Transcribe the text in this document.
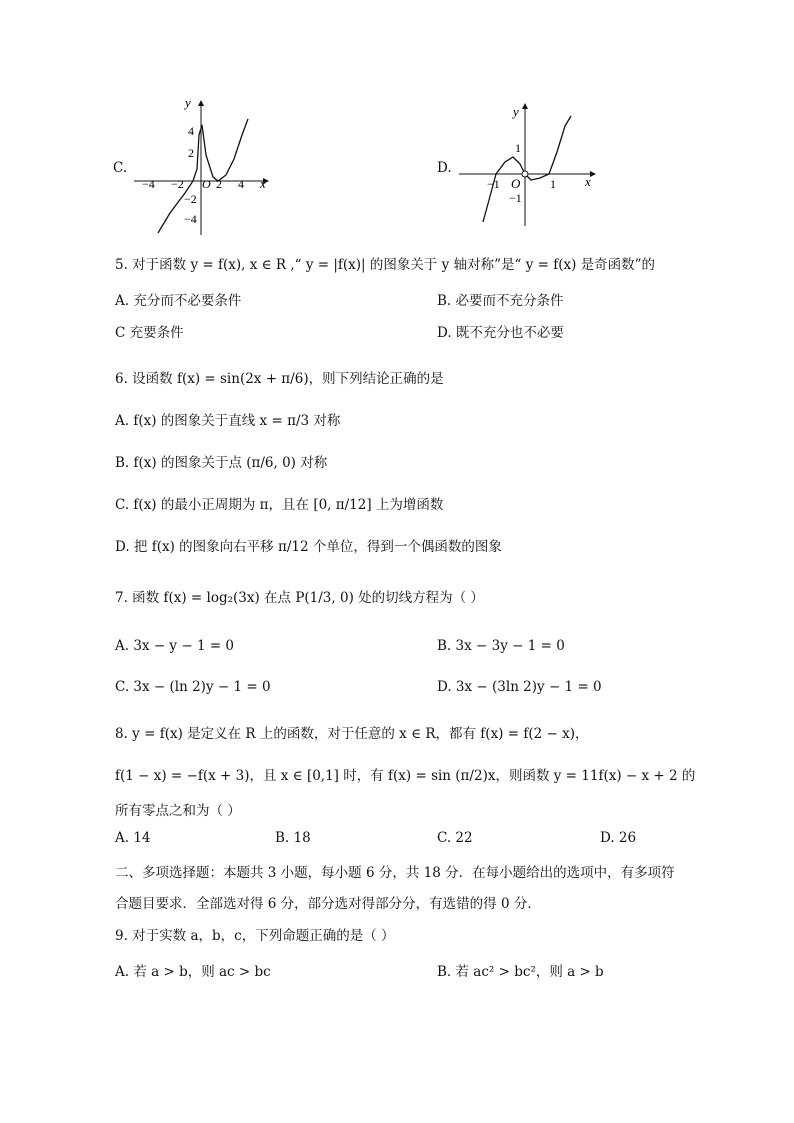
C.	D.
y
x
O
−4 −2	2 4
4
2
−2
−4
y
x
O
−1	1
1
−1
5. 对于函数 y = f(x), x ∈ R ,“ y = |f(x)| 的图象关于 y 轴对称”是“ y = f(x) 是奇函数”的
A. 充分而不必要条件	B. 必要而不充分条件
C 充要条件	D. 既不充分也不必要
6. 设函数 f(x) = sin(2x + π/6)，则下列结论正确的是
A. f(x) 的图象关于直线 x = π/3 对称
B. f(x) 的图象关于点 (π/6, 0) 对称
C. f(x) 的最小正周期为 π，且在 [0, π/12] 上为增函数
D. 把 f(x) 的图象向右平移 π/12 个单位，得到一个偶函数的图象
7. 函数 f(x) = log₂(3x) 在点 P(1/3, 0) 处的切线方程为（ ）
A. 3x − y − 1 = 0	B. 3x − 3y − 1 = 0
C. 3x − (ln 2)y − 1 = 0	D. 3x − (3ln 2)y − 1 = 0
8. y = f(x) 是定义在 R 上的函数，对于任意的 x ∈ R，都有 f(x) = f(2 − x)，
f(1 − x) = −f(x + 3)，且 x ∈ [0,1] 时，有 f(x) = sin (π/2)x，则函数 y = 11f(x) − x + 2 的
所有零点之和为（ ）
A. 14	B. 18	C. 22	D. 26
二、多项选择题：本题共 3 小题，每小题 6 分，共 18 分．在每小题给出的选项中，有多项符
合题目要求．全部选对得 6 分，部分选对得部分分，有选错的得 0 分．
9. 对于实数 a，b，c，下列命题正确的是（ ）
A. 若 a > b，则 ac > bc	B. 若 ac² > bc²，则 a > b
